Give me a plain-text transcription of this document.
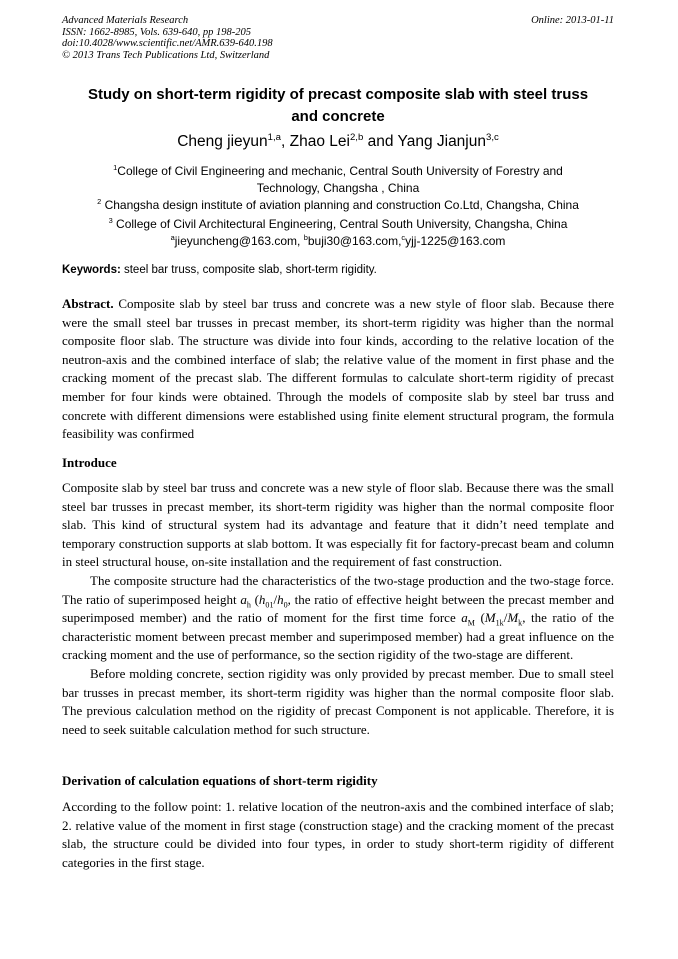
Advanced Materials Research
ISSN: 1662-8985, Vols. 639-640, pp 198-205
doi:10.4028/www.scientific.net/AMR.639-640.198
© 2013 Trans Tech Publications Ltd, Switzerland
Online: 2013-01-11
Study on short-term rigidity of precast composite slab with steel truss
and concrete
Cheng jieyun$^{1,a}$, Zhao Lei$^{2,b}$ and Yang Jianjun$^{3,c}$
$^1$College of Civil Engineering and mechanic, Central South University of Forestry and
Technology, Changsha , China
$^2$ Changsha design institute of aviation planning and construction Co.Ltd, Changsha, China
$^3$ College of Civil Architectural Engineering, Central South University, Changsha, China
$^a$jieyuncheng@163.com, $^b$buji30@163.com,$^c$yjj-1225@163.com
Keywords: steel bar truss, composite slab, short-term rigidity.

Abstract. Composite slab by steel bar truss and concrete was a new style of floor slab. Because there were the small steel bar trusses in precast member, its short-term rigidity was higher than the normal composite floor slab. The structure was divide into four kinds, according to the relative location of the neutron-axis and the combined interface of slab; the relative value of the moment in first phase and the cracking moment of the precast slab. The different formulas to calculate short-term rigidity of precast member for four kinds were obtained. Through the models of composite slab by steel bar truss and concrete with different dimensions were established using finite element structural program, the formula feasibility was confirmed

Introduce

Composite slab by steel bar truss and concrete was a new style of floor slab. Because there was the small steel bar trusses in precast member, its short-term rigidity was higher than the normal composite floor slab. This kind of structural system had its advantage and feature that it didn’t need template and temporary construction supports at slab bottom. It was especially fit for factory-precast beam and column in steel structural house, on-site installation and the requirement of fast construction.

The composite structure had the characteristics of the two-stage production and the two-stage force. The ratio of superimposed height $a_h$ ($h_{01}/h_0$, the ratio of effective height between the precast member and superimposed member) and the ratio of moment for the first time force $a_M$ ($M_{1k}/M_k$, the ratio of the characteristic moment between precast member and superimposed member) had a great influence on the cracking moment and the use of performance, so the section rigidity of the two-stage are different.

Before molding concrete, section rigidity was only provided by precast member. Due to small steel bar trusses in precast member, its short-term rigidity was higher than the normal composite floor slab. The previous calculation method on the rigidity of precast Component is not applicable. Therefore, it is need to seek suitable calculation method for such structure.

Derivation of calculation equations of short-term rigidity

According to the follow point: 1. relative location of the neutron-axis and the combined interface of slab; 2. relative value of the moment in first stage (construction stage) and the cracking moment of the precast slab, the structure could be divided into four types, in order to study short-term rigidity of different categories in the first stage.
